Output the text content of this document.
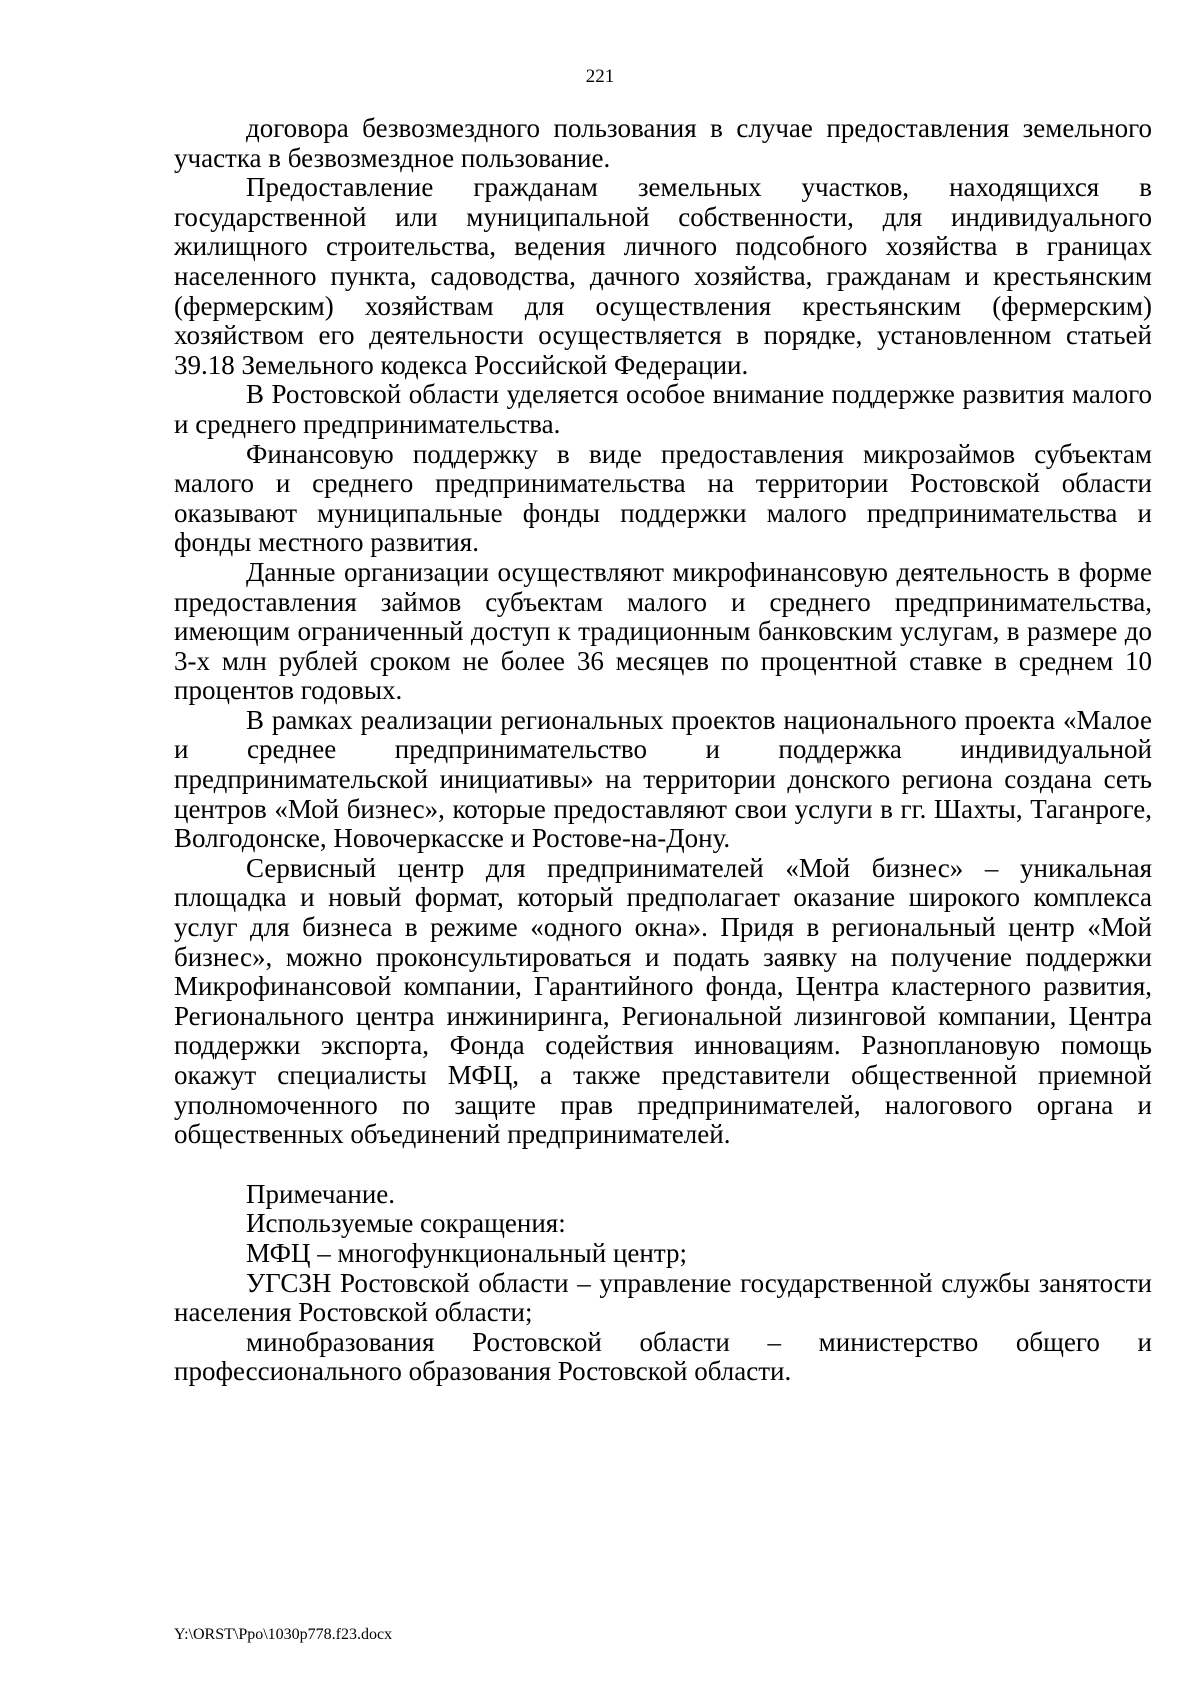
221

договора безвозмездного пользования в случае предоставления земельного участка в безвозмездное пользование.

Предоставление гражданам земельных участков, находящихся в государственной или муниципальной собственности, для индивидуального жилищного строительства, ведения личного подсобного хозяйства в границах населенного пункта, садоводства, дачного хозяйства, гражданам и крестьянским (фермерским) хозяйствам для осуществления крестьянским (фермерским) хозяйством его деятельности осуществляется в порядке, установленном статьей 39.18 Земельного кодекса Российской Федерации.

В Ростовской области уделяется особое внимание поддержке развития малого и среднего предпринимательства.

Финансовую поддержку в виде предоставления микрозаймов субъектам малого и среднего предпринимательства на территории Ростовской области оказывают муниципальные фонды поддержки малого предпринимательства и фонды местного развития.

Данные организации осуществляют микрофинансовую деятельность в форме предоставления займов субъектам малого и среднего предпринимательства, имеющим ограниченный доступ к традиционным банковским услугам, в размере до 3-х млн рублей сроком не более 36 месяцев по процентной ставке в среднем 10 процентов годовых.

В рамках реализации региональных проектов национального проекта «Малое и среднее предпринимательство и поддержка индивидуальной предпринимательской инициативы» на территории донского региона создана сеть центров «Мой бизнес», которые предоставляют свои услуги в гг. Шахты, Таганроге, Волгодонске, Новочеркасске и Ростове-на-Дону.

Сервисный центр для предпринимателей «Мой бизнес» – уникальная площадка и новый формат, который предполагает оказание широкого комплекса услуг для бизнеса в режиме «одного окна». Придя в региональный центр «Мой бизнес», можно проконсультироваться и подать заявку на получение поддержки Микрофинансовой компании, Гарантийного фонда, Центра кластерного развития, Регионального центра инжиниринга, Региональной лизинговой компании, Центра поддержки экспорта, Фонда содействия инновациям. Разноплановую помощь окажут специалисты МФЦ, а также представители общественной приемной уполномоченного по защите прав предпринимателей, налогового органа и общественных объединений предпринимателей.

Примечание.

Используемые сокращения:

МФЦ – многофункциональный центр;

УГСЗН Ростовской области – управление государственной службы занятости населения Ростовской области;

минобразования Ростовской области – министерство общего и профессионального образования Ростовской области.

Y:\ORST\Ppo\1030p778.f23.docx
